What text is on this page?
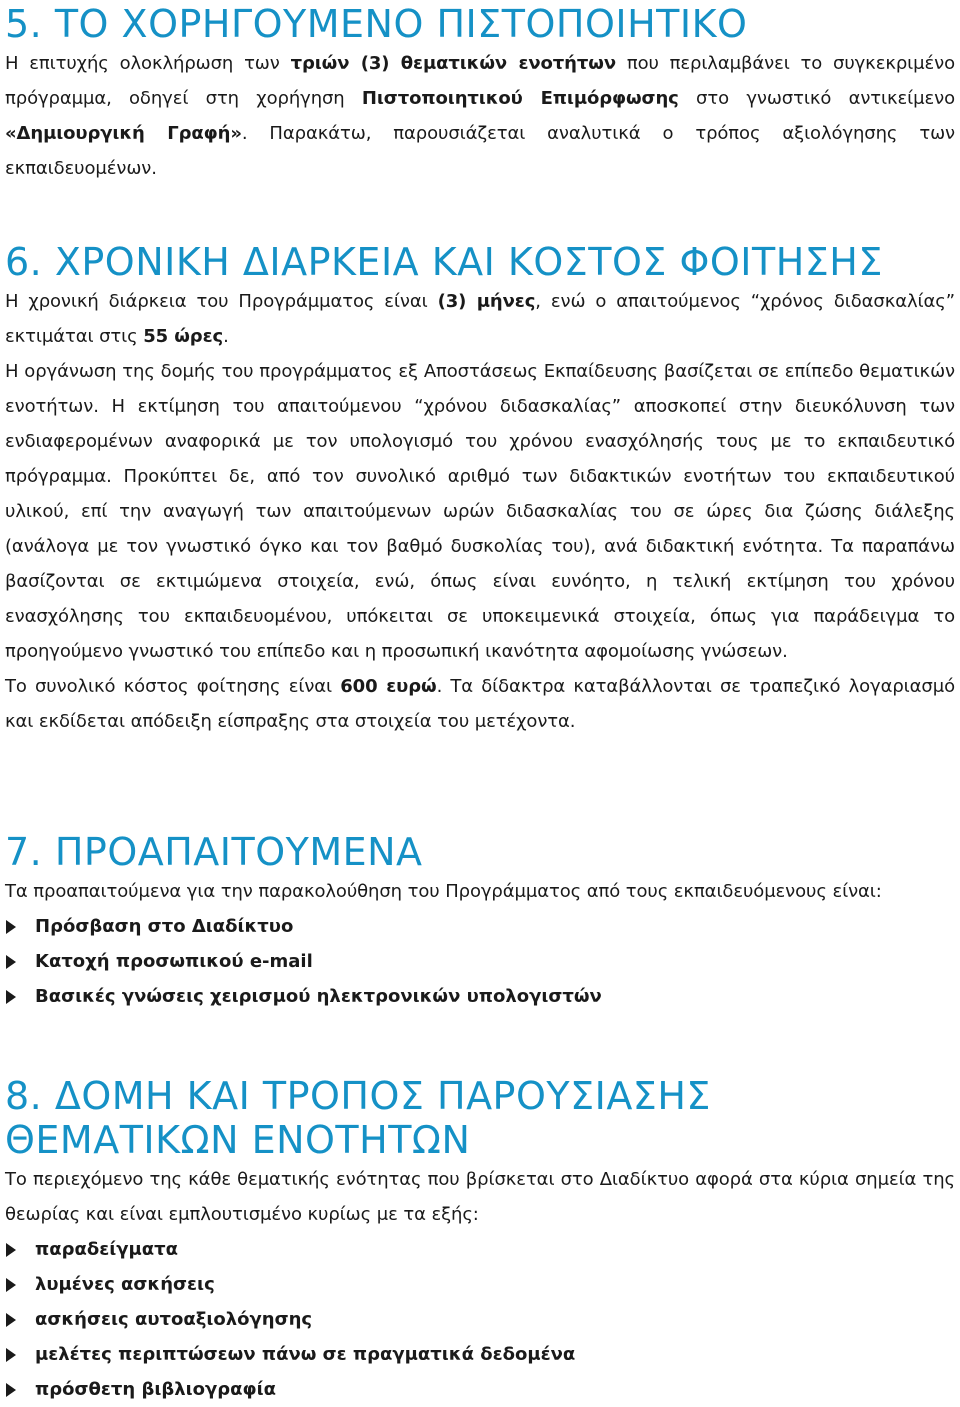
5. ΤΟ ΧΟΡΗΓΟΥΜΕΝΟ ΠΙΣΤΟΠΟΙΗΤΙΚΟ

Η επιτυχής ολοκλήρωση των τριών (3) θεματικών ενοτήτων που περιλαμβάνει το συγκεκριμένο πρόγραμμα, οδηγεί στη χορήγηση Πιστοποιητικού Επιμόρφωσης στο γνωστικό αντικείμενο «Δημιουργική Γραφή». Παρακάτω, παρουσιάζεται αναλυτικά ο τρόπος αξιολόγησης των εκπαιδευομένων.

6. ΧΡΟΝΙΚΗ ΔΙΑΡΚΕΙΑ ΚΑΙ ΚΟΣΤΟΣ ΦΟΙΤΗΣΗΣ

Η χρονική διάρκεια του Προγράμματος είναι (3) μήνες, ενώ ο απαιτούμενος “χρόνος διδασκαλίας” εκτιμάται στις 55 ώρες.

Η οργάνωση της δομής του προγράμματος εξ Αποστάσεως Εκπαίδευσης βασίζεται σε επίπεδο θεματικών ενοτήτων. Η εκτίμηση του απαιτούμενου “χρόνου διδασκαλίας” αποσκοπεί στην διευκόλυνση των ενδιαφερομένων αναφορικά με τον υπολογισμό του χρόνου ενασχόλησής τους με το εκπαιδευτικό πρόγραμμα. Προκύπτει δε, από τον συνολικό αριθμό των διδακτικών ενοτήτων του εκπαιδευτικού υλικού, επί την αναγωγή των απαιτούμενων ωρών διδασκαλίας του σε ώρες δια ζώσης διάλεξης (ανάλογα με τον γνωστικό όγκο και τον βαθμό δυσκολίας του), ανά διδακτική ενότητα. Τα παραπάνω βασίζονται σε εκτιμώμενα στοιχεία, ενώ, όπως είναι ευνόητο, η τελική εκτίμηση του χρόνου ενασχόλησης του εκπαιδευομένου, υπόκειται σε υποκειμενικά στοιχεία, όπως για παράδειγμα το προηγούμενο γνωστικό του επίπεδο και η προσωπική ικανότητα αφομοίωσης γνώσεων.

Το συνολικό κόστος φοίτησης είναι 600 ευρώ. Τα δίδακτρα καταβάλλονται σε τραπεζικό λογαριασμό και εκδίδεται απόδειξη είσπραξης στα στοιχεία του μετέχοντα.

7. ΠΡΟΑΠΑΙΤΟΥΜΕΝΑ

Τα προαπαιτούμενα για την παρακολούθηση του Προγράμματος από τους εκπαιδευόμενους είναι:

Πρόσβαση στο Διαδίκτυο
Κατοχή προσωπικού e-mail
Βασικές γνώσεις χειρισμού ηλεκτρονικών υπολογιστών
8. ΔΟΜΗ ΚΑΙ ΤΡΟΠΟΣ ΠΑΡΟΥΣΙΑΣΗΣ
ΘΕΜΑΤΙΚΩΝ ΕΝΟΤΗΤΩΝ

Το περιεχόμενο της κάθε θεματικής ενότητας που βρίσκεται στο Διαδίκτυο αφορά στα κύρια σημεία της θεωρίας και είναι εμπλουτισμένο κυρίως με τα εξής:

παραδείγματα
λυμένες ασκήσεις
ασκήσεις αυτοαξιολόγησης
μελέτες περιπτώσεων πάνω σε πραγματικά δεδομένα
πρόσθετη βιβλιογραφία
